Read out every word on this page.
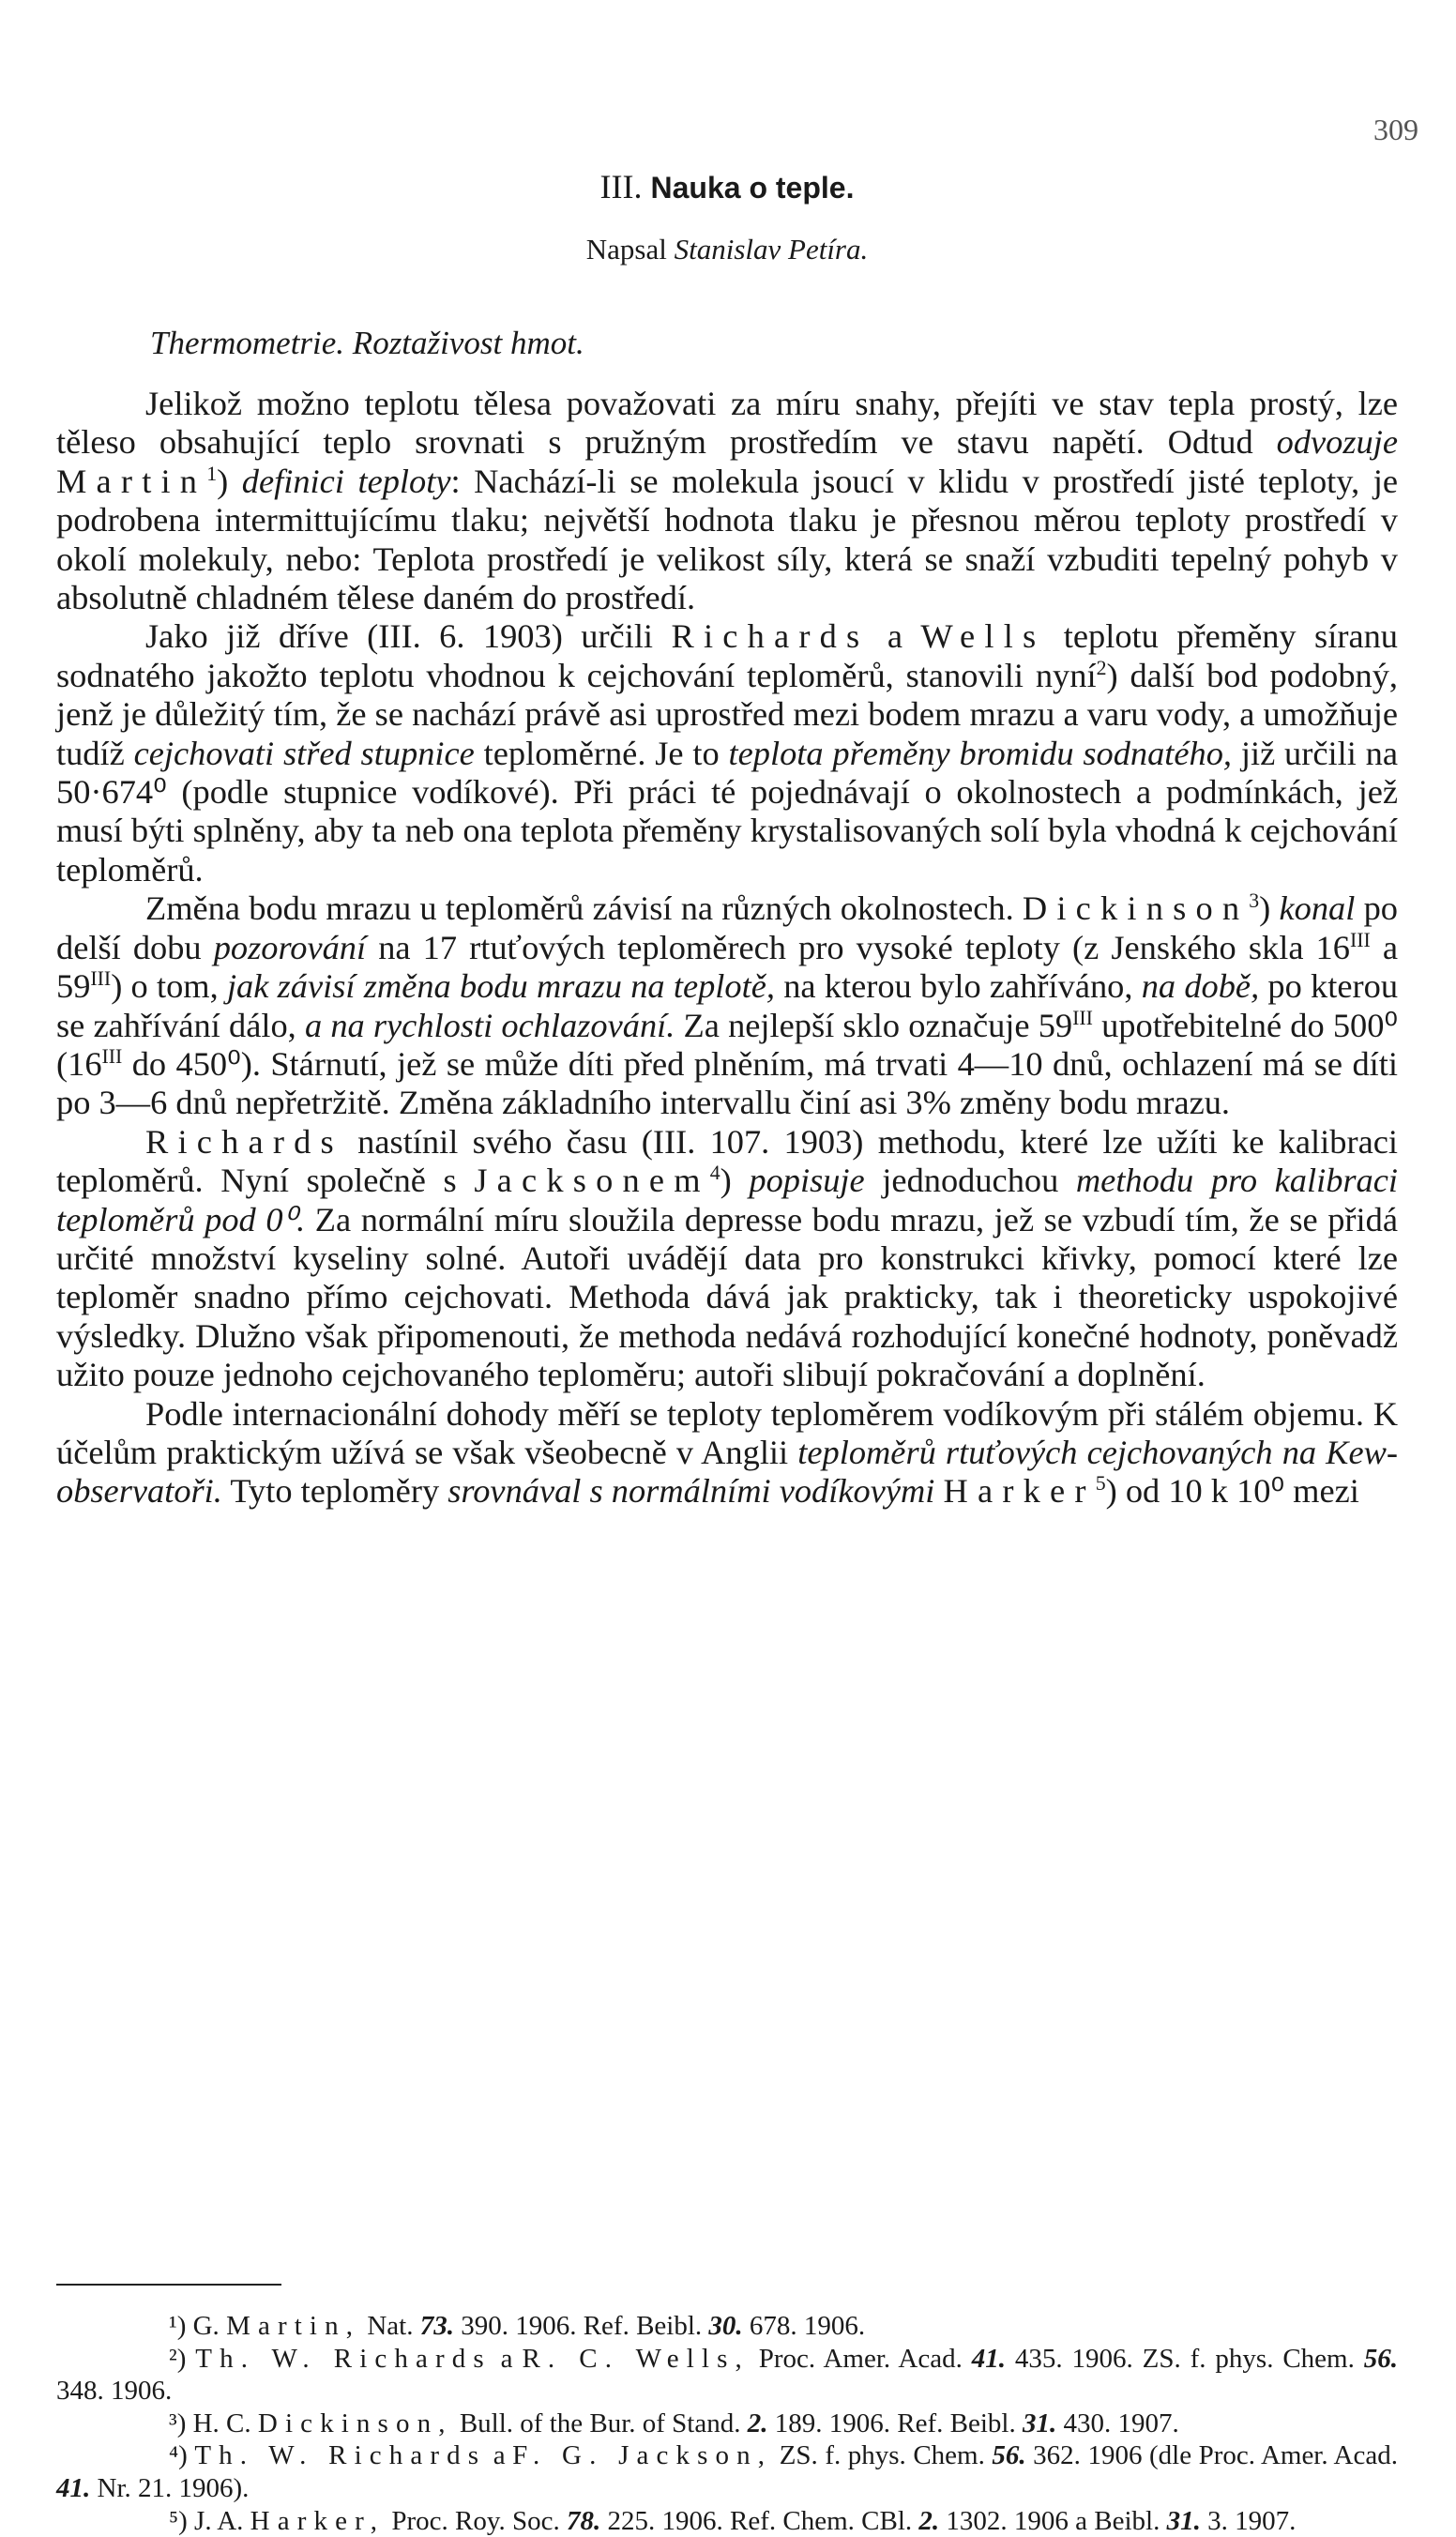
309
III. Nauka o teple.
Napsal Stanislav Petíra.
Thermometrie. Roztaživost hmot.

Jelikož možno teplotu tělesa považovati za míru snahy, přejíti ve stav tepla prostý, lze těleso obsahující teplo srovnati s pružným prostředím ve stavu napětí. Odtud odvozuje Martin$^1$) definici teploty: Nachází-li se molekula jsoucí v klidu v prostředí jisté teploty, je podrobena intermittujícímu tlaku; největší hodnota tlaku je přesnou měrou teploty prostředí v okolí molekuly, nebo: Teplota prostředí je velikost síly, která se snaží vzbuditi tepelný pohyb v absolutně chladném tělese daném do prostředí.

Jako již dříve (III. 6. 1903) určili Richards a Wells teplotu přeměny síranu sodnatého jakožto teplotu vhodnou k cejchování teploměrů, stanovili nyní$^2$) další bod podobný, jenž je důležitý tím, že se nachází právě asi uprostřed mezi bodem mrazu a varu vody, a umožňuje tudíž cejchovati střed stupnice teploměrné. Je to teplota přeměny bromidu sodnatého, již určili na 50·674⁰ (podle stupnice vodíkové). Při práci té pojednávají o okolnostech a podmínkách, jež musí býti splněny, aby ta neb ona teplota přeměny krystalisovaných solí byla vhodná k cejchování teploměrů.

Změna bodu mrazu u teploměrů závisí na různých okolnostech. Dickinson$^3$) konal po delší dobu pozorování na 17 rtuťových teploměrech pro vysoké teploty (z Jenského skla $16^{III}$ a $59^{III}$) o tom, jak závisí změna bodu mrazu na teplotě, na kterou bylo zahříváno, na době, po kterou se zahřívání dálo, a na rychlosti ochlazování. Za nejlepší sklo označuje $59^{III}$ upotřebitelné do 500⁰ ($16^{III}$ do 450⁰). Stárnutí, jež se může díti před plněním, má trvati 4—10 dnů, ochlazení má se díti po 3—6 dnů nepřetržitě. Změna základního intervallu činí asi 3% změny bodu mrazu.

Richards nastínil svého času (III. 107. 1903) methodu, které lze užíti ke kalibraci teploměrů. Nyní společně s Jacksonem$^4$) popisuje jednoduchou methodu pro kalibraci teploměrů pod 0⁰. Za normální míru sloužila depresse bodu mrazu, jež se vzbudí tím, že se přidá určité množství kyseliny solné. Autoři uvádějí data pro konstrukci křivky, pomocí které lze teploměr snadno přímo cejchovati. Methoda dává jak prakticky, tak i theoreticky uspokojivé výsledky. Dlužno však připomenouti, že methoda nedává rozhodující konečné hodnoty, poněvadž užito pouze jednoho cejchovaného teploměru; autoři slibují pokračování a doplnění.

Podle internacionální dohody měří se teploty teploměrem vodíkovým při stálém objemu. K účelům praktickým užívá se však všeobecně v Anglii teploměrů rtuťových cejchovaných na Kew-observatoři. Tyto teploměry srovnával s normálními vodíkovými Harker$^5$) od 10 k 10⁰ mezi

¹) G. Martin, Nat. 73. 390. 1906. Ref. Beibl. 30. 678. 1906.

²) Th. W. Richards a R. C. Wells, Proc. Amer. Acad. 41. 435. 1906. ZS. f. phys. Chem. 56. 348. 1906.

³) H. C. Dickinson, Bull. of the Bur. of Stand. 2. 189. 1906. Ref. Beibl. 31. 430. 1907.

⁴) Th. W. Richards a F. G. Jackson, ZS. f. phys. Chem. 56. 362. 1906 (dle Proc. Amer. Acad. 41. Nr. 21. 1906).

⁵) J. A. Harker, Proc. Roy. Soc. 78. 225. 1906. Ref. Chem. CBl. 2. 1302. 1906 a Beibl. 31. 3. 1907.
